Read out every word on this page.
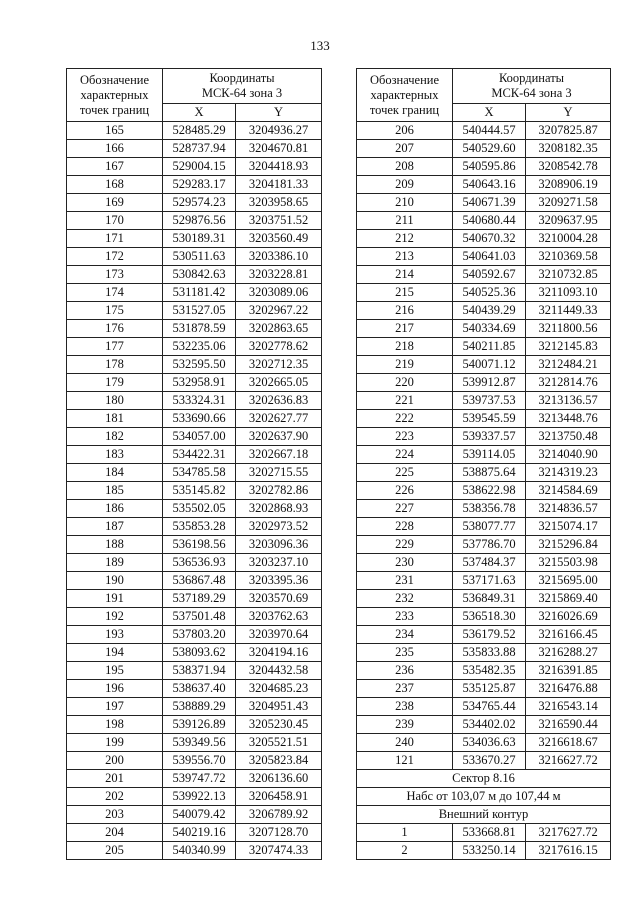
133
Обозначение
характерных
точек границ	Координаты
МСК-64 зона 3	
	X	Y
165	528485.29	3204936.27
166	528737.94	3204670.81
167	529004.15	3204418.93
168	529283.17	3204181.33
169	529574.23	3203958.65
170	529876.56	3203751.52
171	530189.31	3203560.49
172	530511.63	3203386.10
173	530842.63	3203228.81
174	531181.42	3203089.06
175	531527.05	3202967.22
176	531878.59	3202863.65
177	532235.06	3202778.62
178	532595.50	3202712.35
179	532958.91	3202665.05
180	533324.31	3202636.83
181	533690.66	3202627.77
182	534057.00	3202637.90
183	534422.31	3202667.18
184	534785.58	3202715.55
185	535145.82	3202782.86
186	535502.05	3202868.93
187	535853.28	3202973.52
188	536198.56	3203096.36
189	536536.93	3203237.10
190	536867.48	3203395.36
191	537189.29	3203570.69
192	537501.48	3203762.63
193	537803.20	3203970.64
194	538093.62	3204194.16
195	538371.94	3204432.58
196	538637.40	3204685.23
197	538889.29	3204951.43
198	539126.89	3205230.45
199	539349.56	3205521.51
200	539556.70	3205823.84
201	539747.72	3206136.60
202	539922.13	3206458.91
203	540079.42	3206789.92
204	540219.16	3207128.70
205	540340.99	3207474.33
Обозначение
характерных
точек границ	Координаты
МСК-64 зона 3	
	X	Y
206	540444.57	3207825.87
207	540529.60	3208182.35
208	540595.86	3208542.78
209	540643.16	3208906.19
210	540671.39	3209271.58
211	540680.44	3209637.95
212	540670.32	3210004.28
213	540641.03	3210369.58
214	540592.67	3210732.85
215	540525.36	3211093.10
216	540439.29	3211449.33
217	540334.69	3211800.56
218	540211.85	3212145.83
219	540071.12	3212484.21
220	539912.87	3212814.76
221	539737.53	3213136.57
222	539545.59	3213448.76
223	539337.57	3213750.48
224	539114.05	3214040.90
225	538875.64	3214319.23
226	538622.98	3214584.69
227	538356.78	3214836.57
228	538077.77	3215074.17
229	537786.70	3215296.84
230	537484.37	3215503.98
231	537171.63	3215695.00
232	536849.31	3215869.40
233	536518.30	3216026.69
234	536179.52	3216166.45
235	535833.88	3216288.27
236	535482.35	3216391.85
237	535125.87	3216476.88
238	534765.44	3216543.14
239	534402.02	3216590.44
240	534036.63	3216618.67
121	533670.27	3216627.72
Сектор 8.16		
Набс от 103,07 м до 107,44 м		
Внешний контур		
1	533668.81	3217627.72
2	533250.14	3217616.15
